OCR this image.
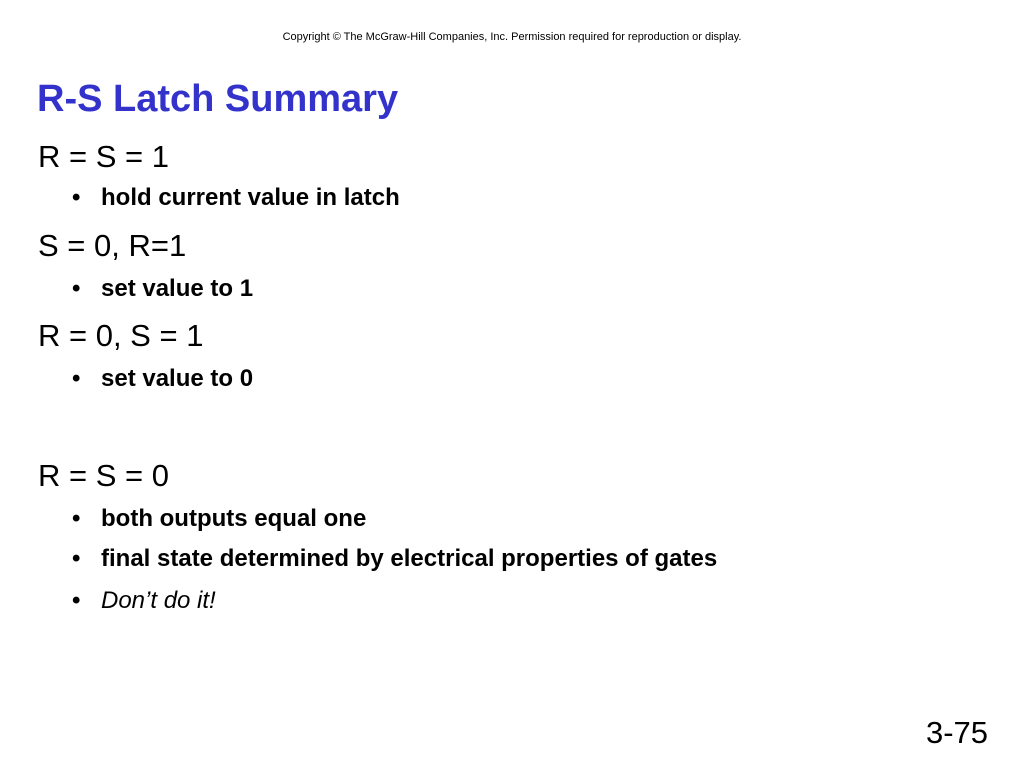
Copyright © The McGraw-Hill Companies, Inc. Permission required for reproduction or display.
R-S Latch Summary
R = S = 1
• hold current value in latch
S = 0, R=1
• set value to 1
R = 0, S = 1
• set value to 0
R = S = 0
• both outputs equal one
• final state determined by electrical properties of gates
• Don’t do it!
3-75
